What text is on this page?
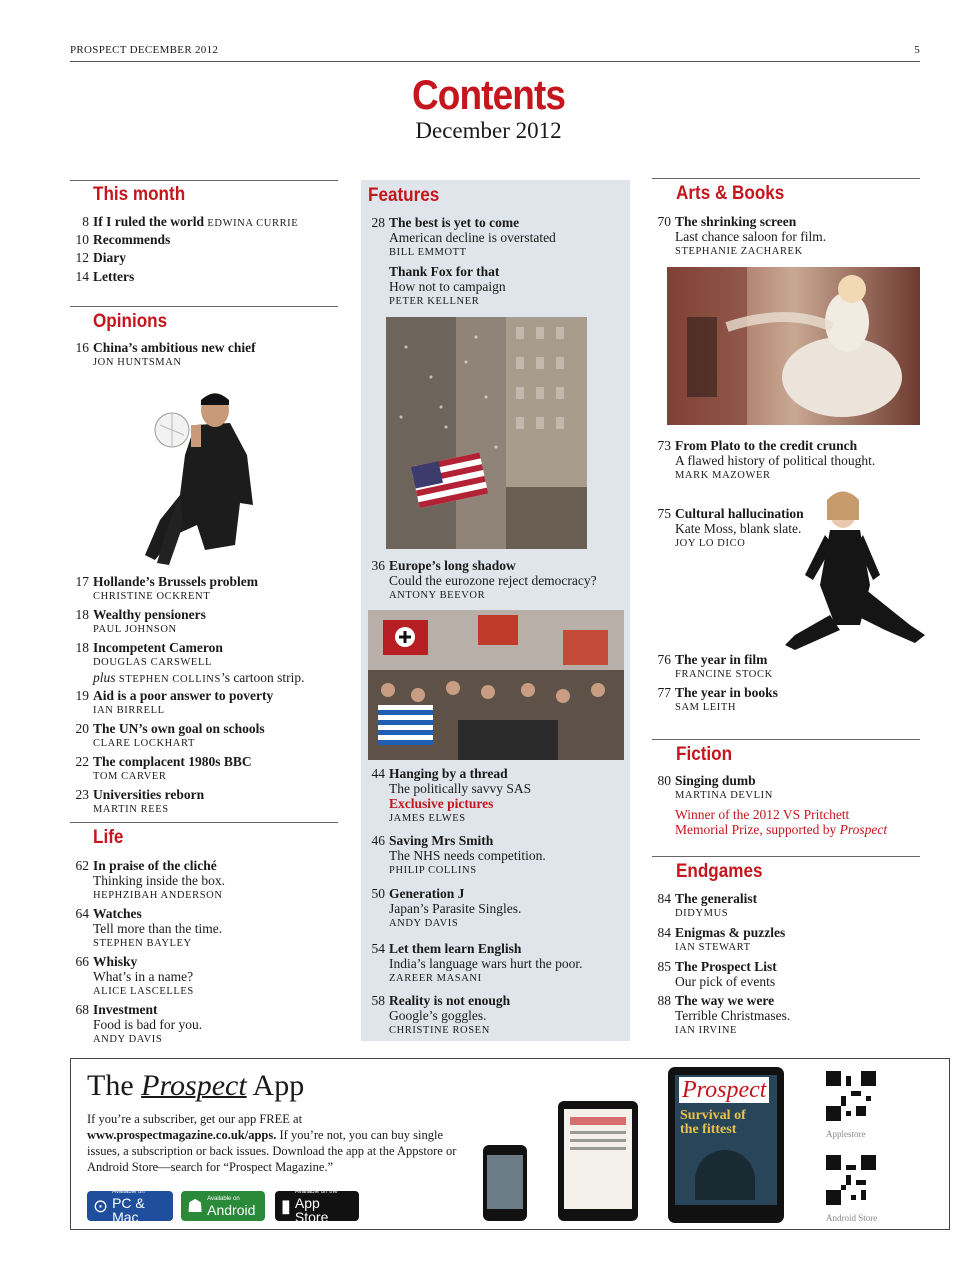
PROSPECT DECEMBER 2012	5
Contents
December 2012
This month
8 If I ruled the world EDWINA CURRIE
10 Recommends
12 Diary
14 Letters
Opinions
16 China’s ambitious new chief
JON HUNTSMAN
17 Hollande’s Brussels problem
CHRISTINE OCKRENT
18 Wealthy pensioners
PAUL JOHNSON
18 Incompetent Cameron
DOUGLAS CARSWELL
plus STEPHEN COLLINS’s cartoon strip.
19 Aid is a poor answer to poverty
IAN BIRRELL
20 The UN’s own goal on schools
CLARE LOCKHART
22 The complacent 1980s BBC
TOM CARVER
23 Universities reborn
MARTIN REES
Life
62 In praise of the cliché
Thinking inside the box.
HEPHZIBAH ANDERSON
64 Watches
Tell more than the time.
STEPHEN BAYLEY
66 Whisky
What’s in a name?
ALICE LASCELLES
68 Investment
Food is bad for you.
ANDY DAVIS
Features
28 The best is yet to come
American decline is overstated
BILL EMMOTT
Thank Fox for that
How not to campaign
PETER KELLNER
36 Europe’s long shadow
Could the eurozone reject democracy?
ANTONY BEEVOR
44 Hanging by a thread
The politically savvy SAS
Exclusive pictures
JAMES ELWES
46 Saving Mrs Smith
The NHS needs competition.
PHILIP COLLINS
50 Generation J
Japan’s Parasite Singles.
ANDY DAVIS
54 Let them learn English
India’s language wars hurt the poor.
ZAREER MASANI
58 Reality is not enough
Google’s goggles.
CHRISTINE ROSEN
Arts & Books
70 The shrinking screen
Last chance saloon for film.
STEPHANIE ZACHAREK
73 From Plato to the credit crunch
A flawed history of political thought.
MARK MAZOWER
75 Cultural hallucination
Kate Moss, blank slate.
JOY LO DICO
76 The year in film
FRANCINE STOCK
77 The year in books
SAM LEITH
Fiction
80 Singing dumb
MARTINA DEVLIN
Winner of the 2012 VS Pritchett
Memorial Prize, supported by Prospect
Endgames
84 The generalist
DIDYMUS
84 Enigmas & puzzles
IAN STEWART
85 The Prospect List
Our pick of events
88 The way we were
Terrible Christmases.
IAN IRVINE
The Prospect App
If you’re a subscriber, get our app FREE at www.prospectmagazine.co.uk/apps. If you’re not, you can buy single issues, a subscription or back issues. Download the app at the Appstore or Android Store—search for “Prospect Magazine.”
⊙
Available on
PC & Mac
☗ Available on
Android ▮
Available on the
App Store
Prospect
Survival of
the fittest	Applestore
Android Store
